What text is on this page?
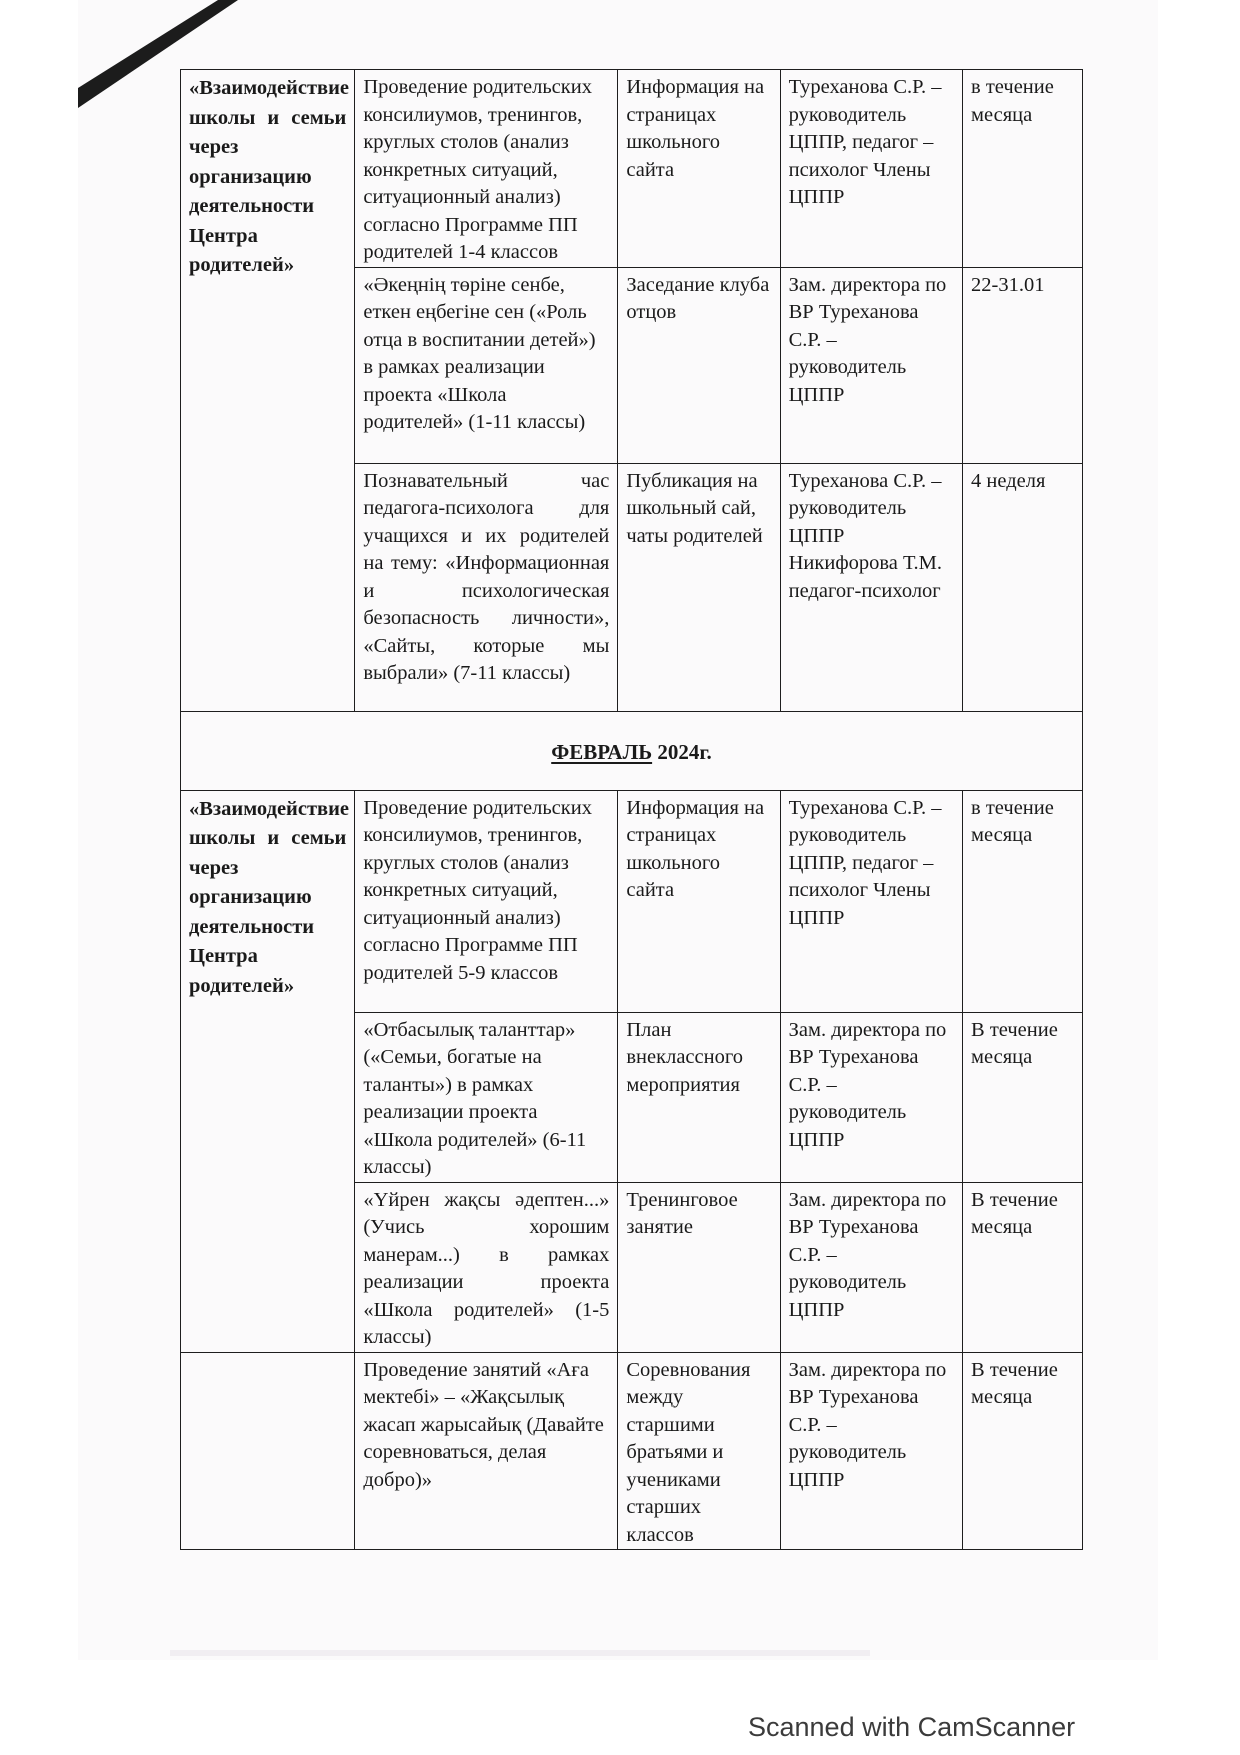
«Взаимодействие школы и семьи через организацию деятельности Центра родителей»	Проведение родительских консилиумов, тренингов, круглых столов (анализ конкретных ситуаций, ситуационный анализ) согласно Программе ПП родителей 1-4 классов	Информация на страницах школьного сайта	Туреханова С.Р. –руководитель ЦППР, педагог – психолог Члены ЦППР	в течение месяца
	«Әкеңнің төріне сенбе, еткен еңбегіне сен («Роль отца в воспитании детей») в рамках реализации проекта «Школа родителей» (1-11 классы)	Заседание клуба отцов	Зам. директора по ВР Туреханова С.Р. –руководитель ЦППР	22-31.01
	Познавательный час педагога-психолога для учащихся и их родителей на тему: «Информационная и психологическая безопасность личности», «Сайты, которые мы выбрали» (7-11 классы)	Публикация на школьный сай, чаты родителей	Туреханова С.Р. –руководитель ЦППР Никифорова Т.М. педагог-психолог	4 неделя
ФЕВРАЛЬ 2024г.				

«Взаимодействие школы и семьи через организацию деятельности Центра родителей»	Проведение родительских консилиумов, тренингов, круглых столов (анализ конкретных ситуаций, ситуационный анализ) согласно Программе ПП родителей 5-9 классов	Информация на страницах школьного сайта	Туреханова С.Р. –руководитель ЦППР, педагог – психолог Члены ЦППР	в течение месяца
	«Отбасылық таланттар» («Семьи, богатые на таланты») в рамках реализации проекта «Школа родителей» (6-11 классы)	План внеклассного мероприятия	Зам. директора по ВР Туреханова С.Р. –руководитель ЦППР	В течение месяца
	«Үйрен жақсы әдептен...» (Учись хорошим манерам...) в рамках реализации проекта «Школа родителей» (1-5 классы)	Тренинговое занятие	Зам. директора по ВР Туреханова С.Р. –руководитель ЦППР	В течение месяца
	Проведение занятий «Аға мектебі» – «Жақсылық жасап жарысайық (Давайте соревноваться, делая добро)»	Соревнования между старшими братьями и учениками старших классов	Зам. директора по ВР Туреханова С.Р. –руководитель ЦППР	В течение месяца
Scanned with CamScanner
